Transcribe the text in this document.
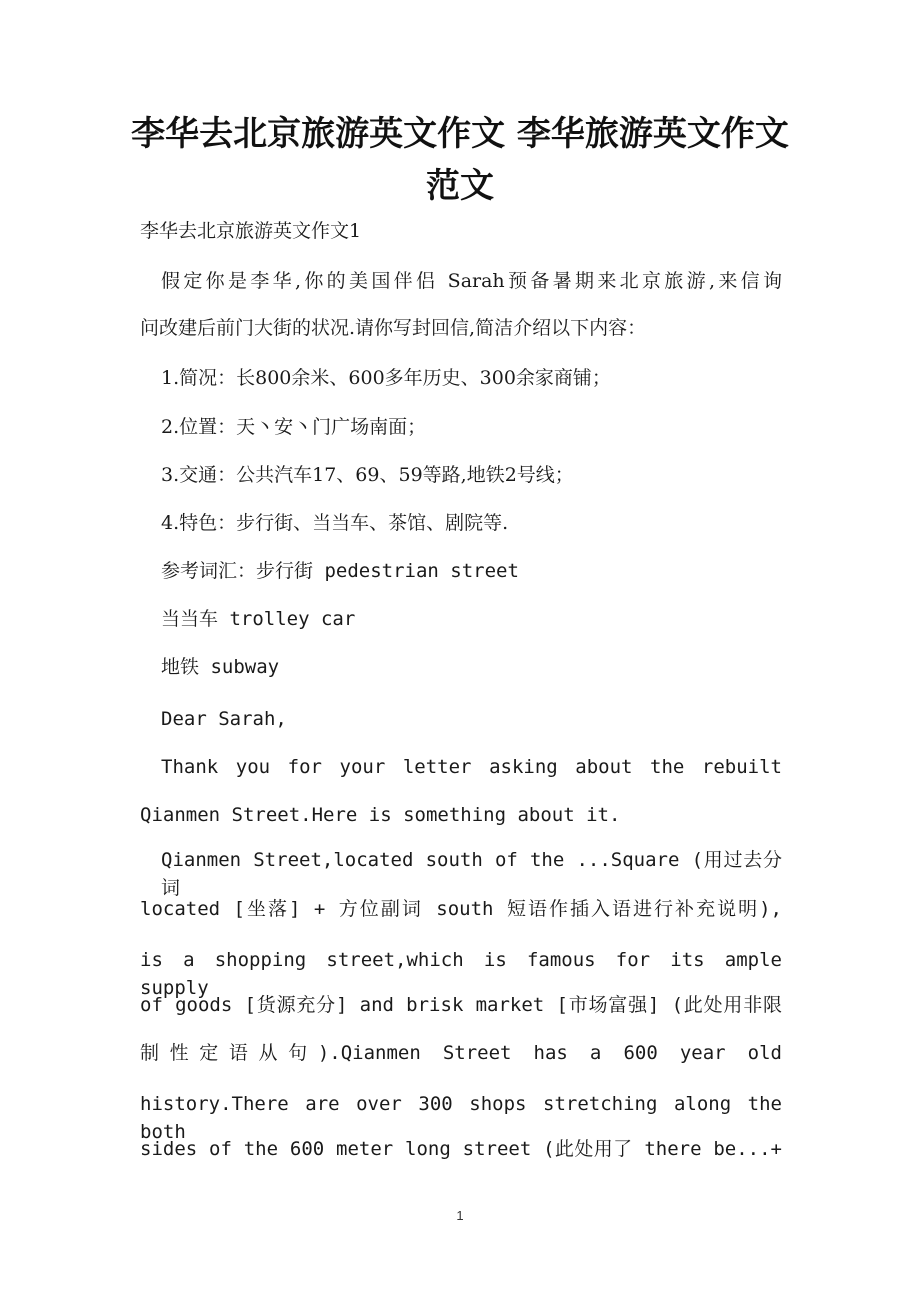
李华去北京旅游英文作文 李华旅游英文作文范文

李华去北京旅游英文作文1

假定你是李华,你的美国伴侣 Sarah预备暑期来北京旅游,来信询

问改建后前门大街的状况.请你写封回信,简洁介绍以下内容：

1.简况：长800余米、600多年历史、300余家商铺；

2.位置：天丶安丶门广场南面；

3.交通：公共汽车17、69、59等路,地铁2号线；

4.特色：步行街、当当车、茶馆、剧院等.

参考词汇：步行街 pedestrian street

当当车 trolley car

地铁 subway

Dear Sarah,

Thank you for your letter asking about the rebuilt

Qianmen Street.Here is something about it.

Qianmen Street,located south of the ...Square (用过去分词

located [坐落] + 方位副词 south 短语作插入语进行补充说明),

is a shopping street,which is famous for its ample supply

of goods [货源充分] and brisk market [市场富强] (此处用非限

制性定语从句).Qianmen Street has a 600 year old

history.There are over 300 shops stretching along the both

sides of the 600 meter long street (此处用了 there be...+

1
